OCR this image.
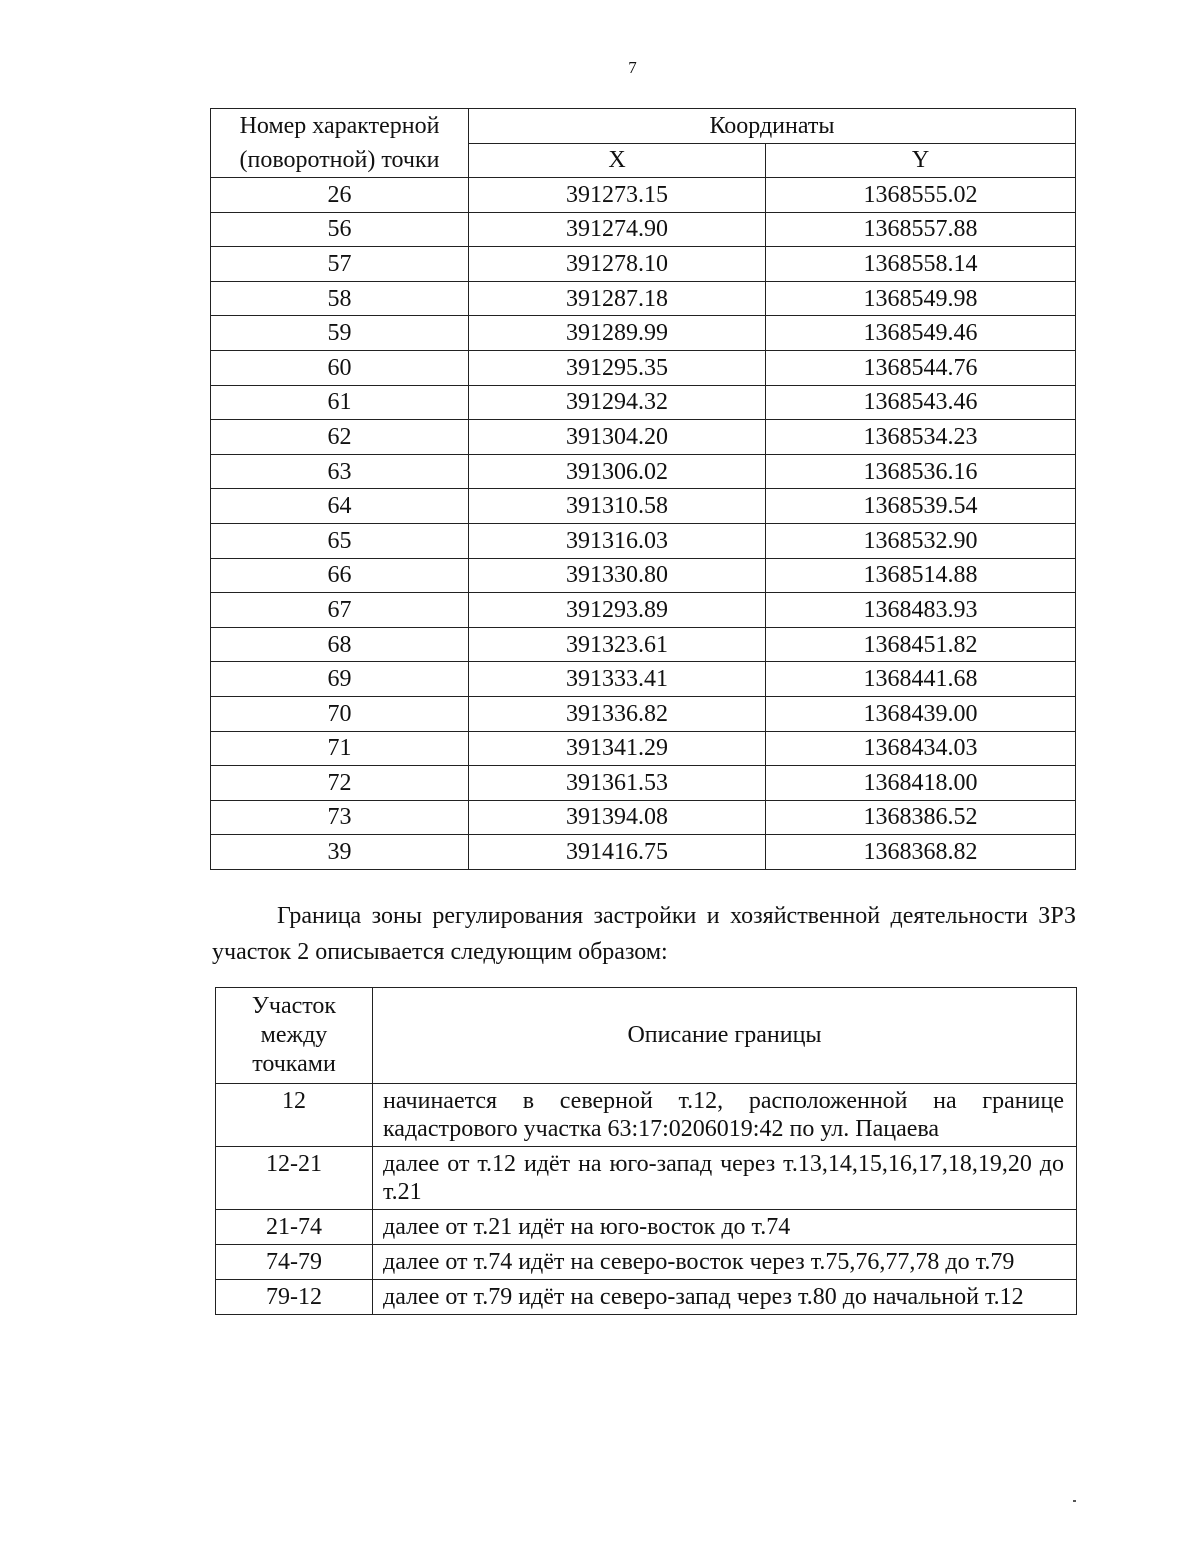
7
Номер характерной (поворотной) точки	Координаты	
	X	Y
26	391273.15	1368555.02
56	391274.90	1368557.88
57	391278.10	1368558.14
58	391287.18	1368549.98
59	391289.99	1368549.46
60	391295.35	1368544.76
61	391294.32	1368543.46
62	391304.20	1368534.23
63	391306.02	1368536.16
64	391310.58	1368539.54
65	391316.03	1368532.90
66	391330.80	1368514.88
67	391293.89	1368483.93
68	391323.61	1368451.82
69	391333.41	1368441.68
70	391336.82	1368439.00
71	391341.29	1368434.03
72	391361.53	1368418.00
73	391394.08	1368386.52
39	391416.75	1368368.82

Граница зоны регулирования застройки и хозяйственной деятельности ЗРЗ участок 2 описывается следующим образом:

Участок между точками	Описание границы
12	начинается в северной т.12, расположенной на границе кадастрового участка 63:17:0206019:42 по ул. Пацаева
12-21	далее от т.12 идёт на юго-запад через т.13,14,15,16,17,18,19,20 до т.21
21-74	далее от т.21 идёт на юго-восток до т.74
74-79	далее от т.74 идёт на северо-восток через т.75,76,77,78 до т.79
79-12	далее от т.79 идёт на северо-запад через т.80 до начальной т.12
